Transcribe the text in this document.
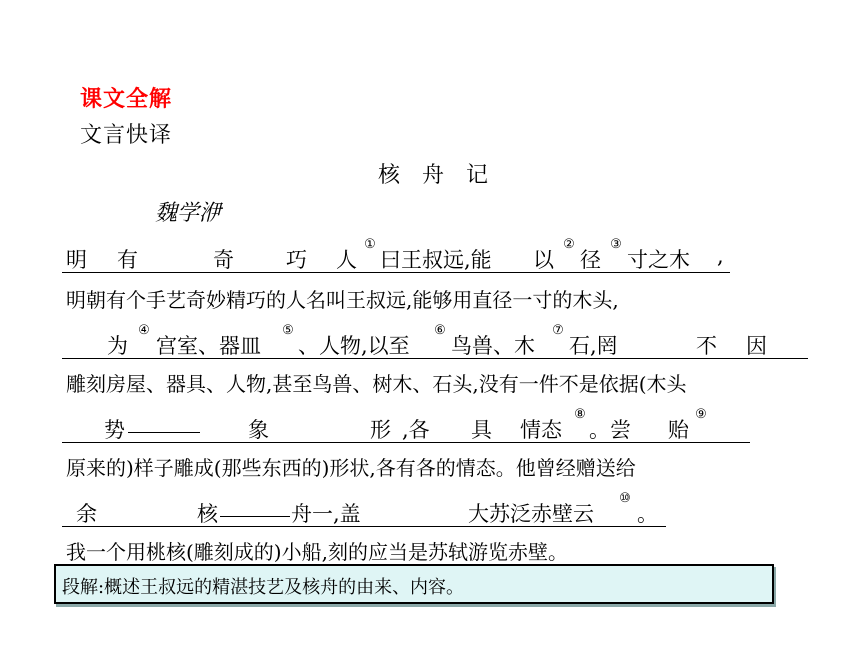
课文全解
文言快译
核　舟　记
魏学洢
明 有	奇 巧 人
①
曰王叔远,能 以
②
径
③
寸之木 ,
明朝有个手艺奇妙精巧的人名叫王叔远,能够用直径一寸的木头,
为
④
宫室、器皿
⑤
、人物,以至
⑥
鸟兽、木
⑦
石,罔	不 因
雕刻房屋、器具、人物,甚至鸟兽、树木、石头,没有一件不是依据(木头
势	象	形 ,各 具 情态
⑧
。尝 贻
⑨
原来的)样子雕成(那些东西的)形状,各有各的情态。他曾经赠送给
余	核	舟一,盖	大苏泛赤壁云
⑩
。
我一个用桃核(雕刻成的)小船,刻的应当是苏轼游览赤壁。
段解:概述王叔远的精湛技艺及核舟的由来、内容。
